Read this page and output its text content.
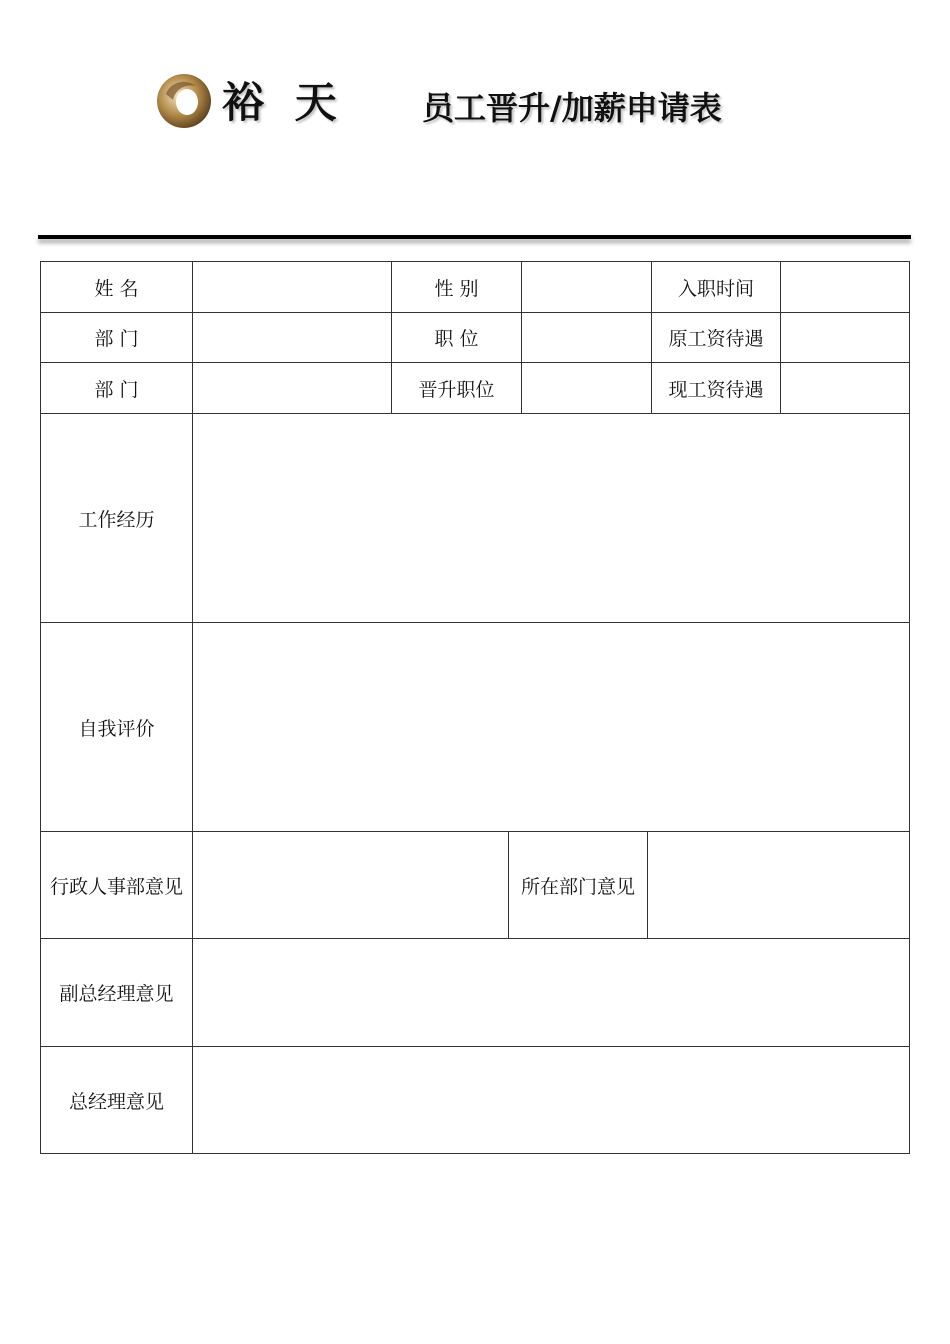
裕 天 员工晋升/加薪申请表
姓 名	性 别	入职时间
部 门	职 位	原工资待遇
部 门	晋升职位	现工资待遇
工作经历
自我评价
行政人事部意见	所在部门意见
副总经理意见
总经理意见
